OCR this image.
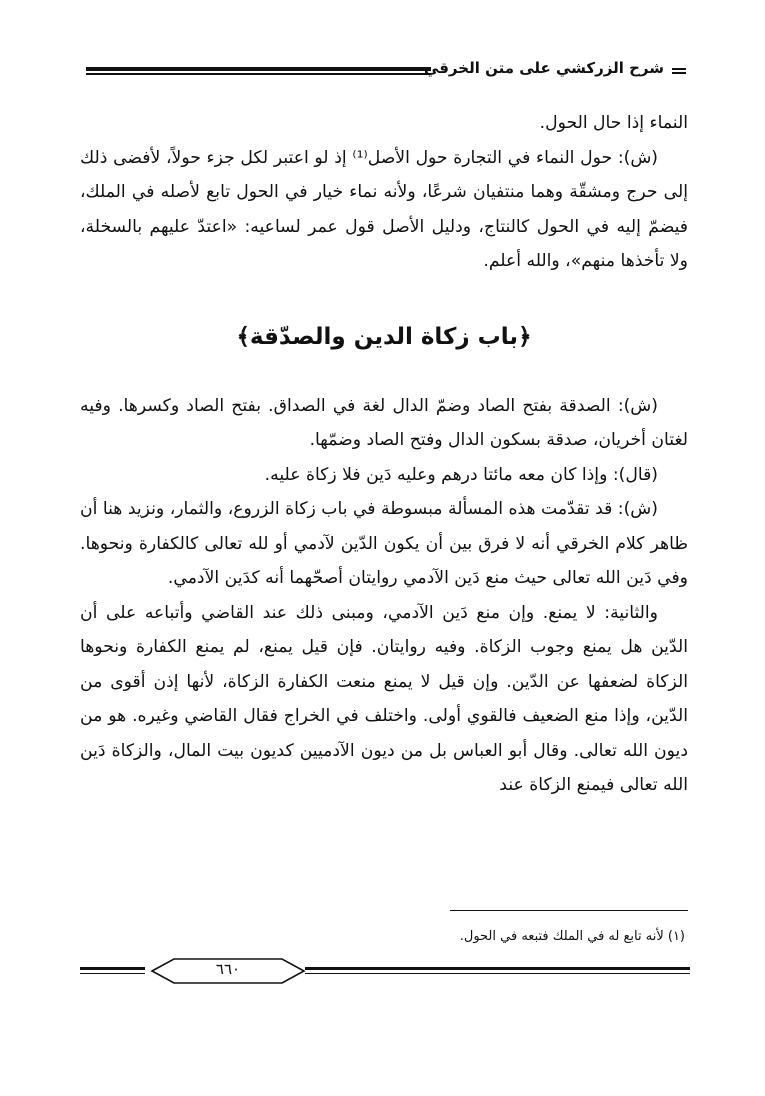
شرح الزركشي على متن الخرقي

النماء إذا حال الحول.

(ش): حول النماء في التجارة حول الأصل⁽¹⁾ إذ لو اعتبر لكل جزء حولاً، لأفضى ذلك إلى حرج ومشقّة وهما منتفيان شرعًا، ولأنه نماء خيار في الحول تابع لأصله في الملك، فيضمّ إليه في الحول كالنتاج، ودليل الأصل قول عمر لساعيه: «اعتدّ عليهم بالسخلة، ولا تأخذها منهم»، والله أعلم.

﴿باب زكاة الدين والصدّقة﴾

(ش): الصدقة بفتح الصاد وضمّ الدال لغة في الصداق. بفتح الصاد وكسرها. وفيه لغتان أخريان، صدقة بسكون الدال وفتح الصاد وضمّها.

(قال): وإذا كان معه مائتا درهم وعليه دَين فلا زكاة عليه.

(ش): قد تقدّمت هذه المسألة مبسوطة في باب زكاة الزروع، والثمار، ونزيد هنا أن ظاهر كلام الخرقي أنه لا فرق بين أن يكون الدّين لآدمي أو لله تعالى كالكفارة ونحوها. وفي دَين الله تعالى حيث منع دَين الآدمي روايتان أصحّهما أنه كدَين الآدمي.

والثانية: لا يمنع. وإن منع دَين الآدمي، ومبنى ذلك عند القاضي وأتباعه على أن الدّين هل يمنع وجوب الزكاة. وفيه روايتان. فإن قيل يمنع، لم يمنع الكفارة ونحوها الزكاة لضعفها عن الدّين. وإن قيل لا يمنع منعت الكفارة الزكاة، لأنها إذن أقوى من الدّين، وإذا منع الضعيف فالقوي أولى. واختلف في الخراج فقال القاضي وغيره. هو من ديون الله تعالى. وقال أبو العباس بل من ديون الآدميين كديون بيت المال، والزكاة دَين الله تعالى فيمنع الزكاة عند

(١) لأنه تابع له في الملك فتبعه في الحول.
٦٦٠
